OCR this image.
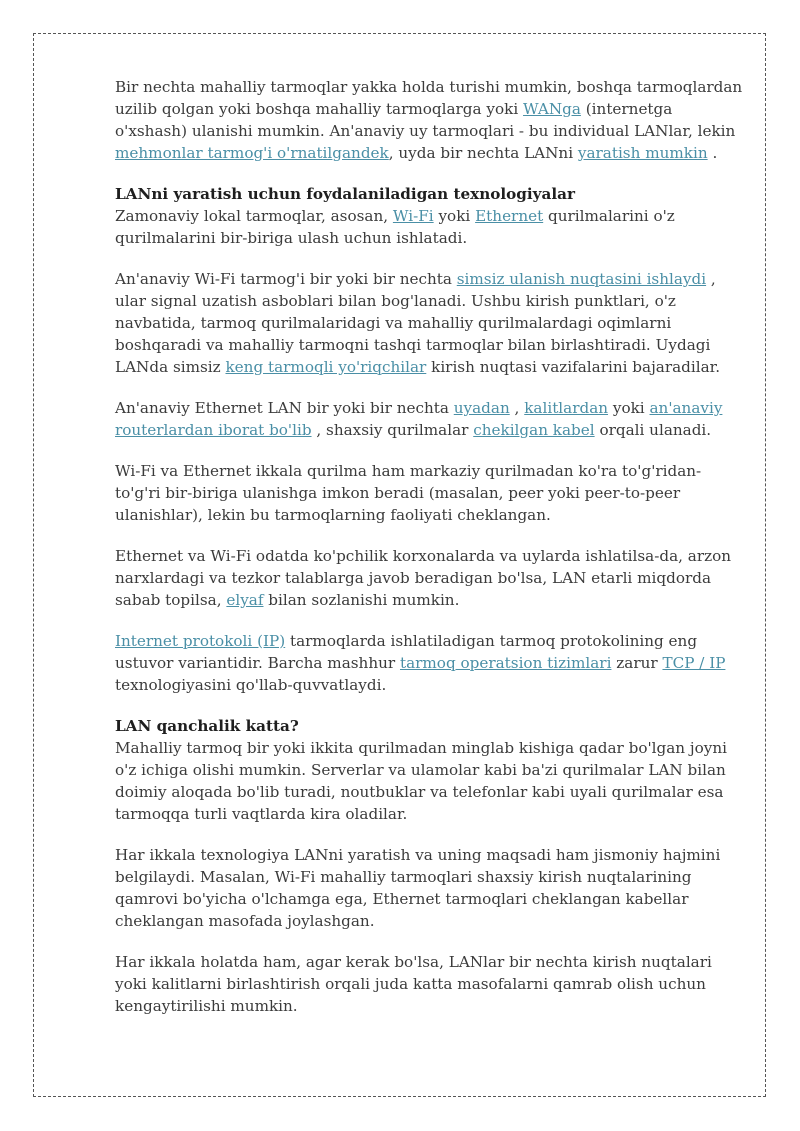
Bir nechta mahalliy tarmoqlar yakka holda turishi mumkin, boshqa tarmoqlardan uzilib qolgan yoki boshqa mahalliy tarmoqlarga yoki WANga (internetga o'xshash) ulanishi mumkin. An'anaviy uy tarmoqlari - bu individual LANlar, lekin mehmonlar tarmog'i o'rnatilgandek, uyda bir nechta LANni yaratish mumkin .

LANni yaratish uchun foydalaniladigan texnologiyalar

Zamonaviy lokal tarmoqlar, asosan, Wi-Fi yoki Ethernet qurilmalarini o'z qurilmalarini bir-biriga ulash uchun ishlatadi.

An'anaviy Wi-Fi tarmog'i bir yoki bir nechta simsiz ulanish nuqtasini ishlaydi , ular signal uzatish asboblari bilan bog'lanadi. Ushbu kirish punktlari, o'z navbatida, tarmoq qurilmalaridagi va mahalliy qurilmalardagi oqimlarni boshqaradi va mahalliy tarmoqni tashqi tarmoqlar bilan birlashtiradi. Uydagi LANda simsiz keng tarmoqli yo'riqchilar kirish nuqtasi vazifalarini bajaradilar.

An'anaviy Ethernet LAN bir yoki bir nechta uyadan , kalitlardan yoki an'anaviy routerlardan iborat bo'lib , shaxsiy qurilmalar chekilgan kabel orqali ulanadi.

Wi-Fi va Ethernet ikkala qurilma ham markaziy qurilmadan ko'ra to'g'ridan-to'g'ri bir-biriga ulanishga imkon beradi (masalan, peer yoki peer-to-peer ulanishlar), lekin bu tarmoqlarning faoliyati cheklangan.

Ethernet va Wi-Fi odatda ko'pchilik korxonalarda va uylarda ishlatilsa-da, arzon narxlardagi va tezkor talablarga javob beradigan bo'lsa, LAN etarli miqdorda sabab topilsa, elyaf bilan sozlanishi mumkin.

Internet protokoli (IP) tarmoqlarda ishlatiladigan tarmoq protokolining eng ustuvor variantidir. Barcha mashhur tarmoq operatsion tizimlari zarur TCP / IP texnologiyasini qo'llab-quvvatlaydi.

LAN qanchalik katta?

Mahalliy tarmoq bir yoki ikkita qurilmadan minglab kishiga qadar bo'lgan joyni o'z ichiga olishi mumkin. Serverlar va ulamolar kabi ba'zi qurilmalar LAN bilan doimiy aloqada bo'lib turadi, noutbuklar va telefonlar kabi uyali qurilmalar esa tarmoqqa turli vaqtlarda kira oladilar.

Har ikkala texnologiya LANni yaratish va uning maqsadi ham jismoniy hajmini belgilaydi. Masalan, Wi-Fi mahalliy tarmoqlari shaxsiy kirish nuqtalarining qamrovi bo'yicha o'lchamga ega, Ethernet tarmoqlari cheklangan kabellar cheklangan masofada joylashgan.

Har ikkala holatda ham, agar kerak bo'lsa, LANlar bir nechta kirish nuqtalari yoki kalitlarni birlashtirish orqali juda katta masofalarni qamrab olish uchun kengaytirilishi mumkin.
